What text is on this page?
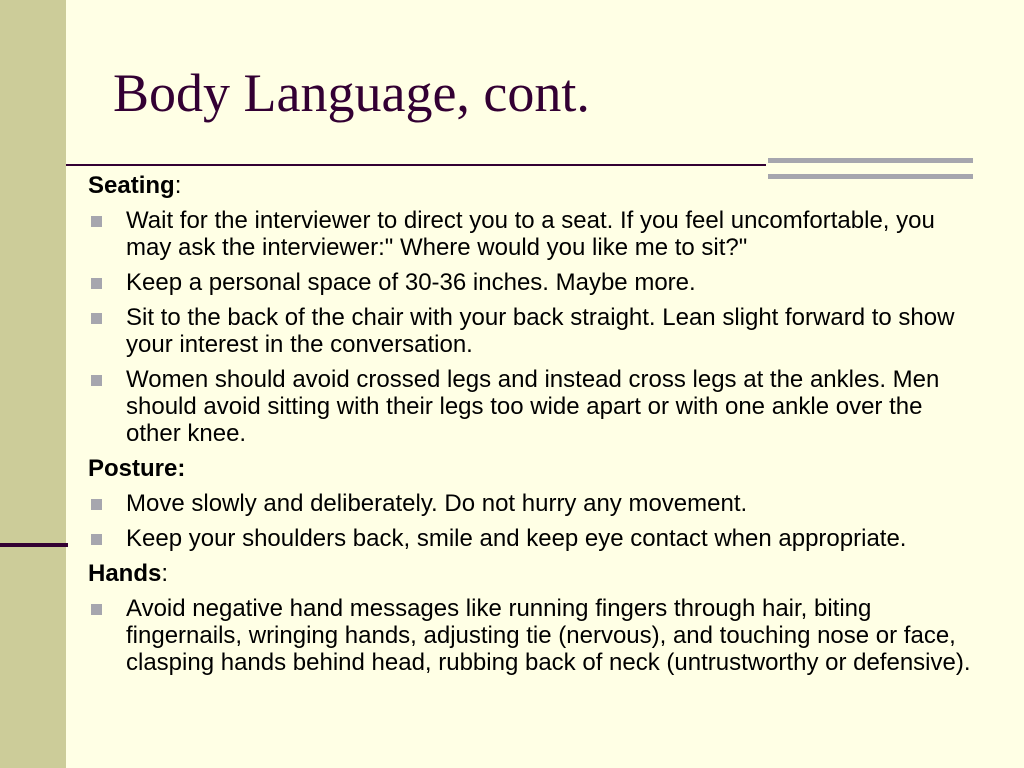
Body Language, cont.

Seating:

Wait for the interviewer to direct you to a seat. If you feel uncomfortable, you may ask the interviewer:" Where would you like me to sit?"
Keep a personal space of 30-36 inches. Maybe more.
Sit to the back of the chair with your back straight. Lean slight forward to show your interest in the conversation.
Women should avoid crossed legs and instead cross legs at the ankles. Men should avoid sitting with their legs too wide apart or with one ankle over the other knee.

Posture:

Move slowly and deliberately. Do not hurry any movement.
Keep your shoulders back, smile and keep eye contact when appropriate.

Hands:

Avoid negative hand messages like running fingers through hair, biting fingernails, wringing hands, adjusting tie (nervous), and touching nose or face, clasping hands behind head, rubbing back of neck (untrustworthy or defensive).
